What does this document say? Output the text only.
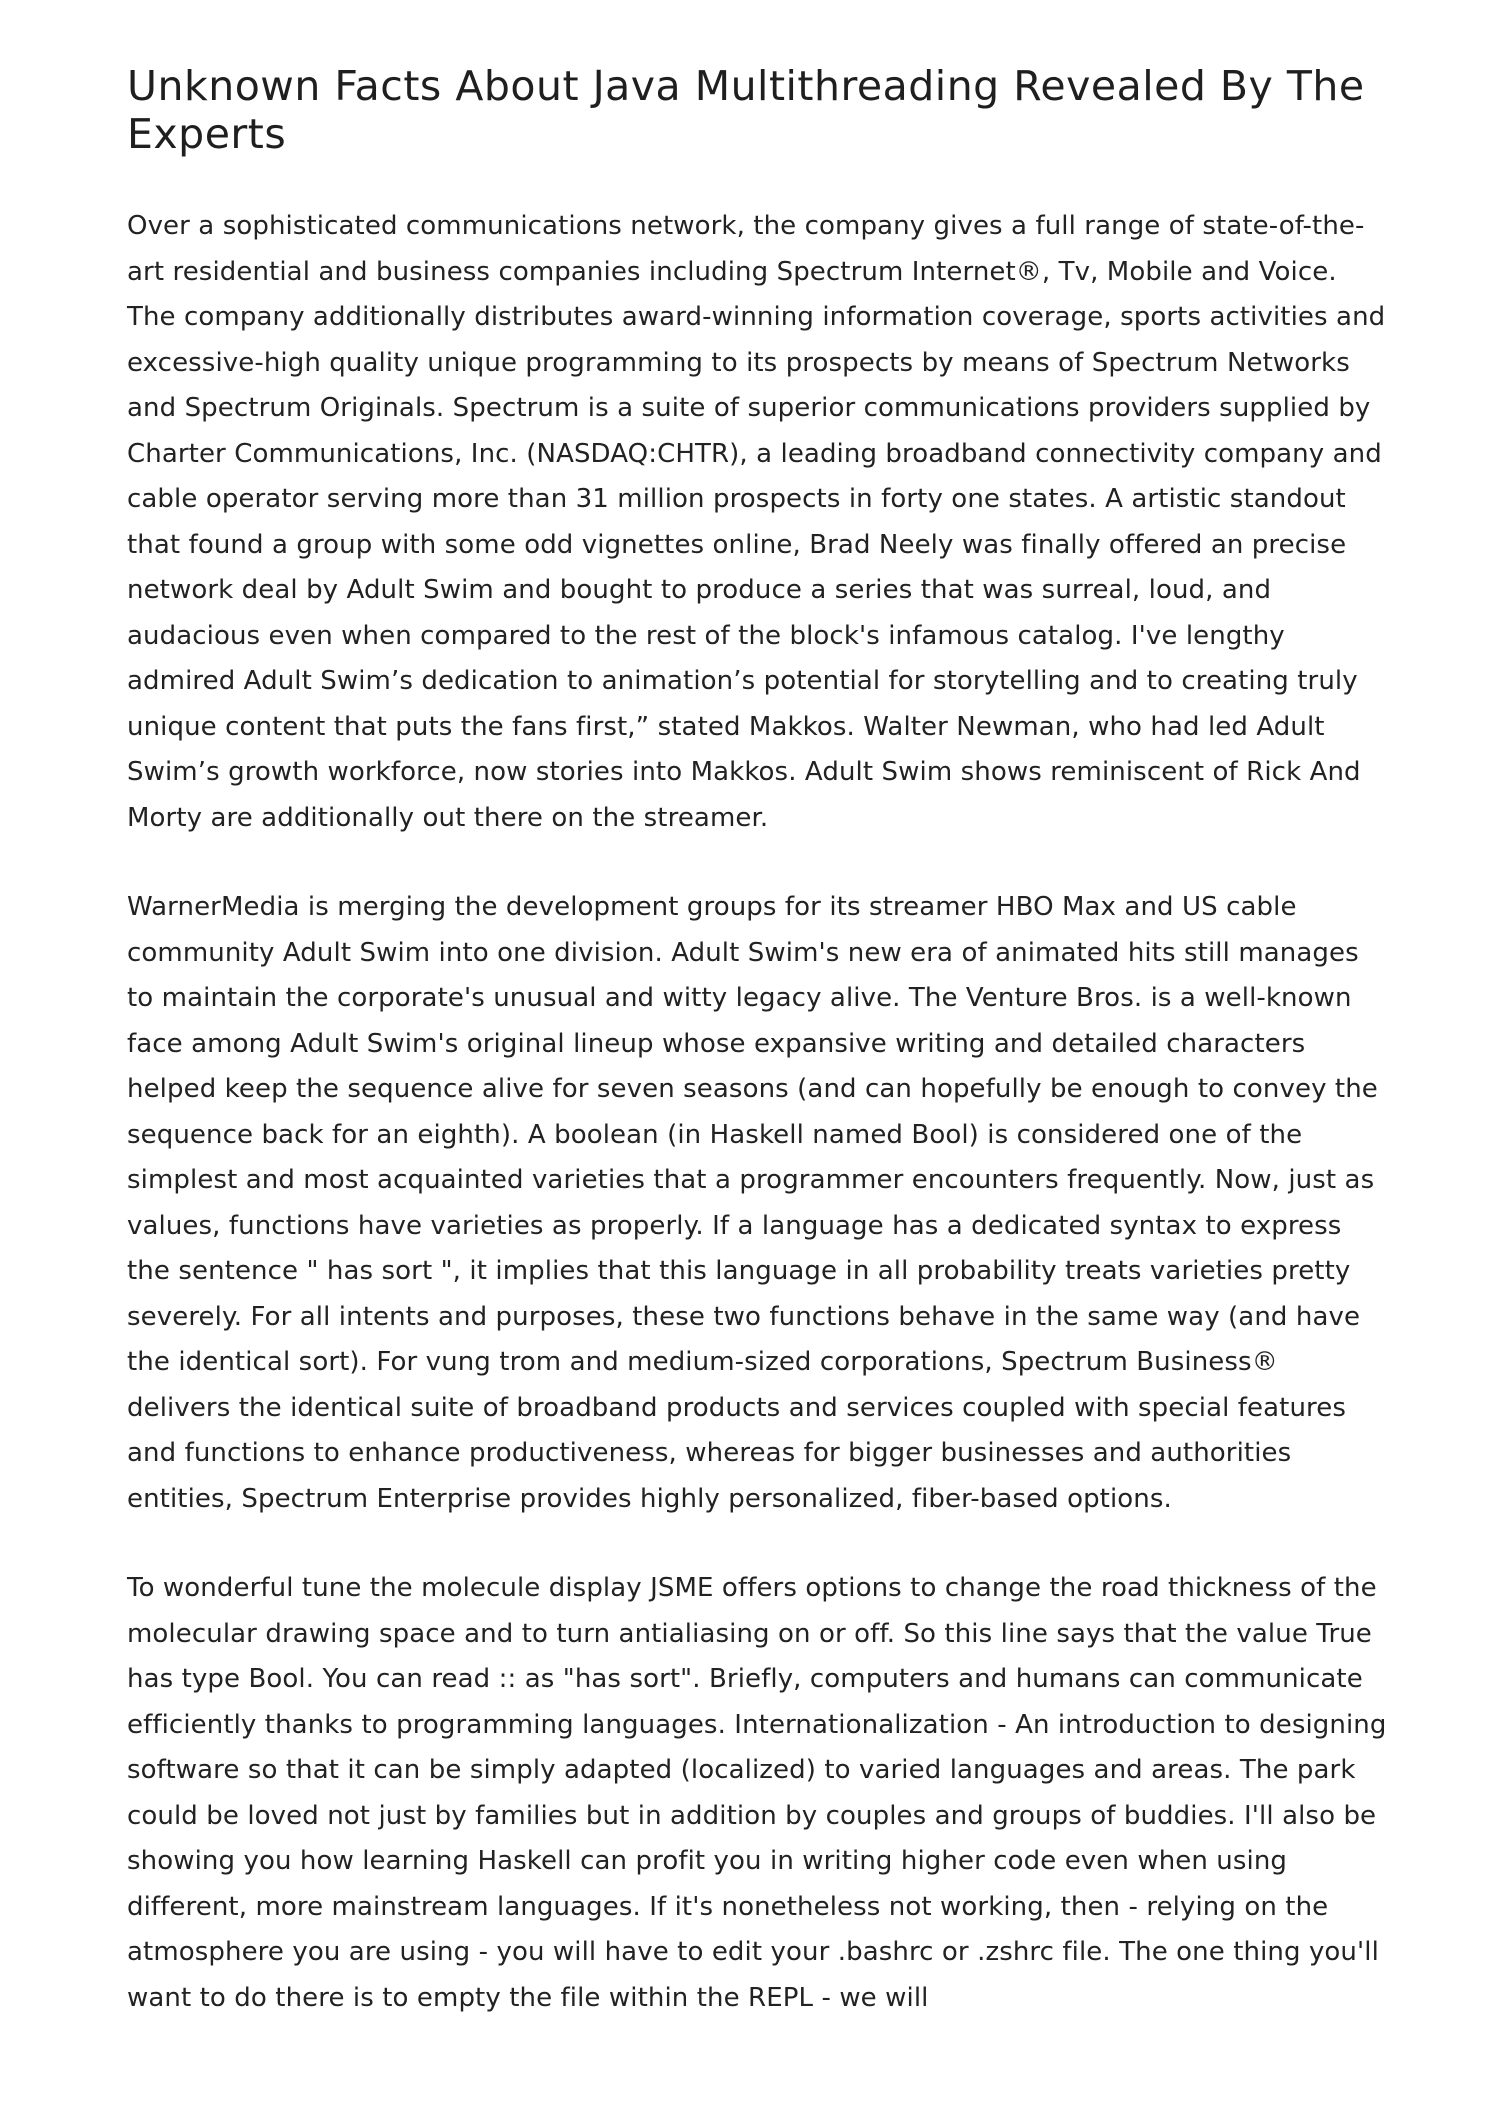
Unknown Facts About Java Multithreading Revealed By The Experts

Over a sophisticated communications network, the company gives a full range of state-of-the-art residential and business companies including Spectrum Internet®, Tv, Mobile and Voice. The company additionally distributes award-winning information coverage, sports activities and excessive-high quality unique programming to its prospects by means of Spectrum Networks and Spectrum Originals. Spectrum is a suite of superior communications providers supplied by Charter Communications, Inc. (NASDAQ:CHTR), a leading broadband connectivity company and cable operator serving more than 31 million prospects in forty one states. A artistic standout that found a group with some odd vignettes online, Brad Neely was finally offered an precise network deal by Adult Swim and bought to produce a series that was surreal, loud, and audacious even when compared to the rest of the block's infamous catalog. I've lengthy admired Adult Swim’s dedication to animation’s potential for storytelling and to creating truly unique content that puts the fans first,” stated Makkos. Walter Newman, who had led Adult Swim’s growth workforce, now stories into Makkos. Adult Swim shows reminiscent of Rick And Morty are additionally out there on the streamer.

WarnerMedia is merging the development groups for its streamer HBO Max and US cable community Adult Swim into one division. Adult Swim's new era of animated hits still manages to maintain the corporate's unusual and witty legacy alive. The Venture Bros. is a well-known face among Adult Swim's original lineup whose expansive writing and detailed characters helped keep the sequence alive for seven seasons (and can hopefully be enough to convey the sequence back for an eighth). A boolean (in Haskell named Bool) is considered one of the simplest and most acquainted varieties that a programmer encounters frequently. Now, just as values, functions have varieties as properly. If a language has a dedicated syntax to express the sentence " has sort ", it implies that this language in all probability treats varieties pretty severely. For all intents and purposes, these two functions behave in the same way (and have the identical sort). For vung trom and medium-sized corporations, Spectrum Business® delivers the identical suite of broadband products and services coupled with special features and functions to enhance productiveness, whereas for bigger businesses and authorities entities, Spectrum Enterprise provides highly personalized, fiber-based options.

To wonderful tune the molecule display JSME offers options to change the road thickness of the molecular drawing space and to turn antialiasing on or off. So this line says that the value True has type Bool. You can read :: as "has sort". Briefly, computers and humans can communicate efficiently thanks to programming languages. Internationalization - An introduction to designing software so that it can be simply adapted (localized) to varied languages and areas. The park could be loved not just by families but in addition by couples and groups of buddies. I'll also be showing you how learning Haskell can profit you in writing higher code even when using different, more mainstream languages. If it's nonetheless not working, then - relying on the atmosphere you are using - you will have to edit your .bashrc or .zshrc file. The one thing you'll want to do there is to empty the file within the REPL - we will
